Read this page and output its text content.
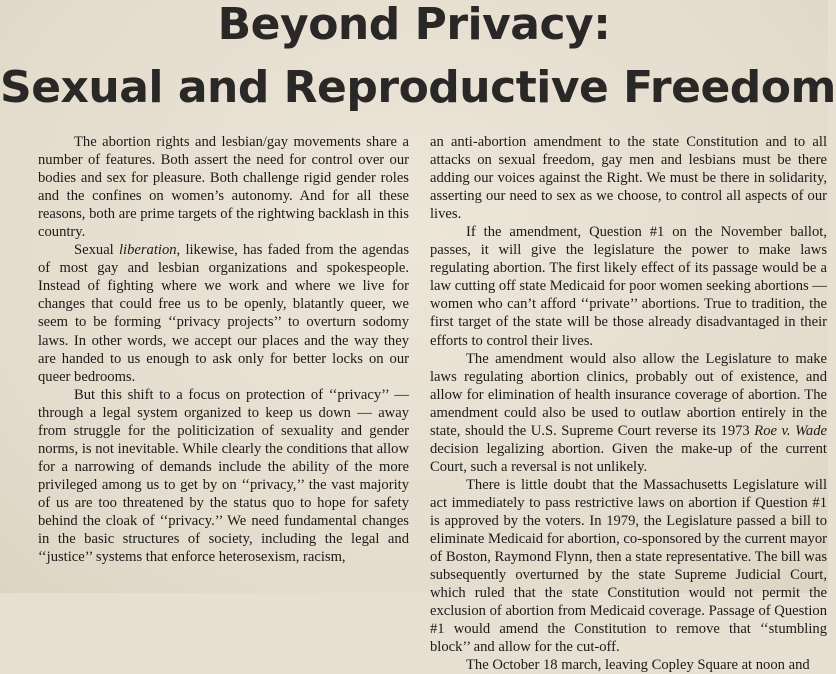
Beyond Privacy:
Sexual and Reproductive Freedom

The abortion rights and lesbian/gay movements share a number of features. Both assert the need for control over our bodies and sex for pleasure. Both challenge rigid gender roles and the confines on women’s autonomy. And for all these reasons, both are prime targets of the rightwing backlash in this country.

Sexual liberation, likewise, has faded from the agendas of most gay and lesbian organizations and spokespeople. Instead of fighting where we work and where we live for changes that could free us to be openly, blatantly queer, we seem to be forming ‘‘privacy projects’’ to overturn sodomy laws. In other words, we accept our places and the way they are handed to us enough to ask only for better locks on our queer bedrooms.

But this shift to a focus on protection of ‘‘privacy’’ — through a legal system organized to keep us down — away from struggle for the politicization of sexuality and gender norms, is not inevitable. While clearly the conditions that allow for a narrowing of demands include the ability of the more privileged among us to get by on ‘‘privacy,’’ the vast majority of us are too threatened by the status quo to hope for safety behind the cloak of ‘‘privacy.’’ We need fundamental changes in the basic structures of society, including the legal and ‘‘justice’’ systems that enforce heterosexism, racism,

an anti-abortion amendment to the state Constitution and to all attacks on sexual freedom, gay men and lesbians must be there adding our voices against the Right. We must be there in solidarity, asserting our need to sex as we choose, to control all aspects of our lives.

If the amendment, Question #1 on the November ballot, passes, it will give the legislature the power to make laws regulating abortion. The first likely effect of its passage would be a law cutting off state Medicaid for poor women seeking abortions — women who can’t afford ‘‘private’’ abortions. True to tradition, the first target of the state will be those already disadvantaged in their efforts to control their lives.

The amendment would also allow the Legislature to make laws regulating abortion clinics, probably out of existence, and allow for elimination of health insurance coverage of abortion. The amendment could also be used to outlaw abortion entirely in the state, should the U.S. Supreme Court reverse its 1973 Roe v. Wade decision legalizing abortion. Given the make-up of the current Court, such a reversal is not unlikely.

There is little doubt that the Massachusetts Legislature will act immediately to pass restrictive laws on abortion if Question #1 is approved by the voters. In 1979, the Legislature passed a bill to eliminate Medicaid for abortion, co-sponsored by the current mayor of Boston, Raymond Flynn, then a state representative. The bill was subsequently overturned by the state Supreme Judicial Court, which ruled that the state Constitution would not permit the exclusion of abortion from Medicaid coverage. Passage of Question #1 would amend the Constitution to remove that ‘‘stumbling block’’ and allow for the cut-off.

The October 18 march, leaving Copley Square at noon and
